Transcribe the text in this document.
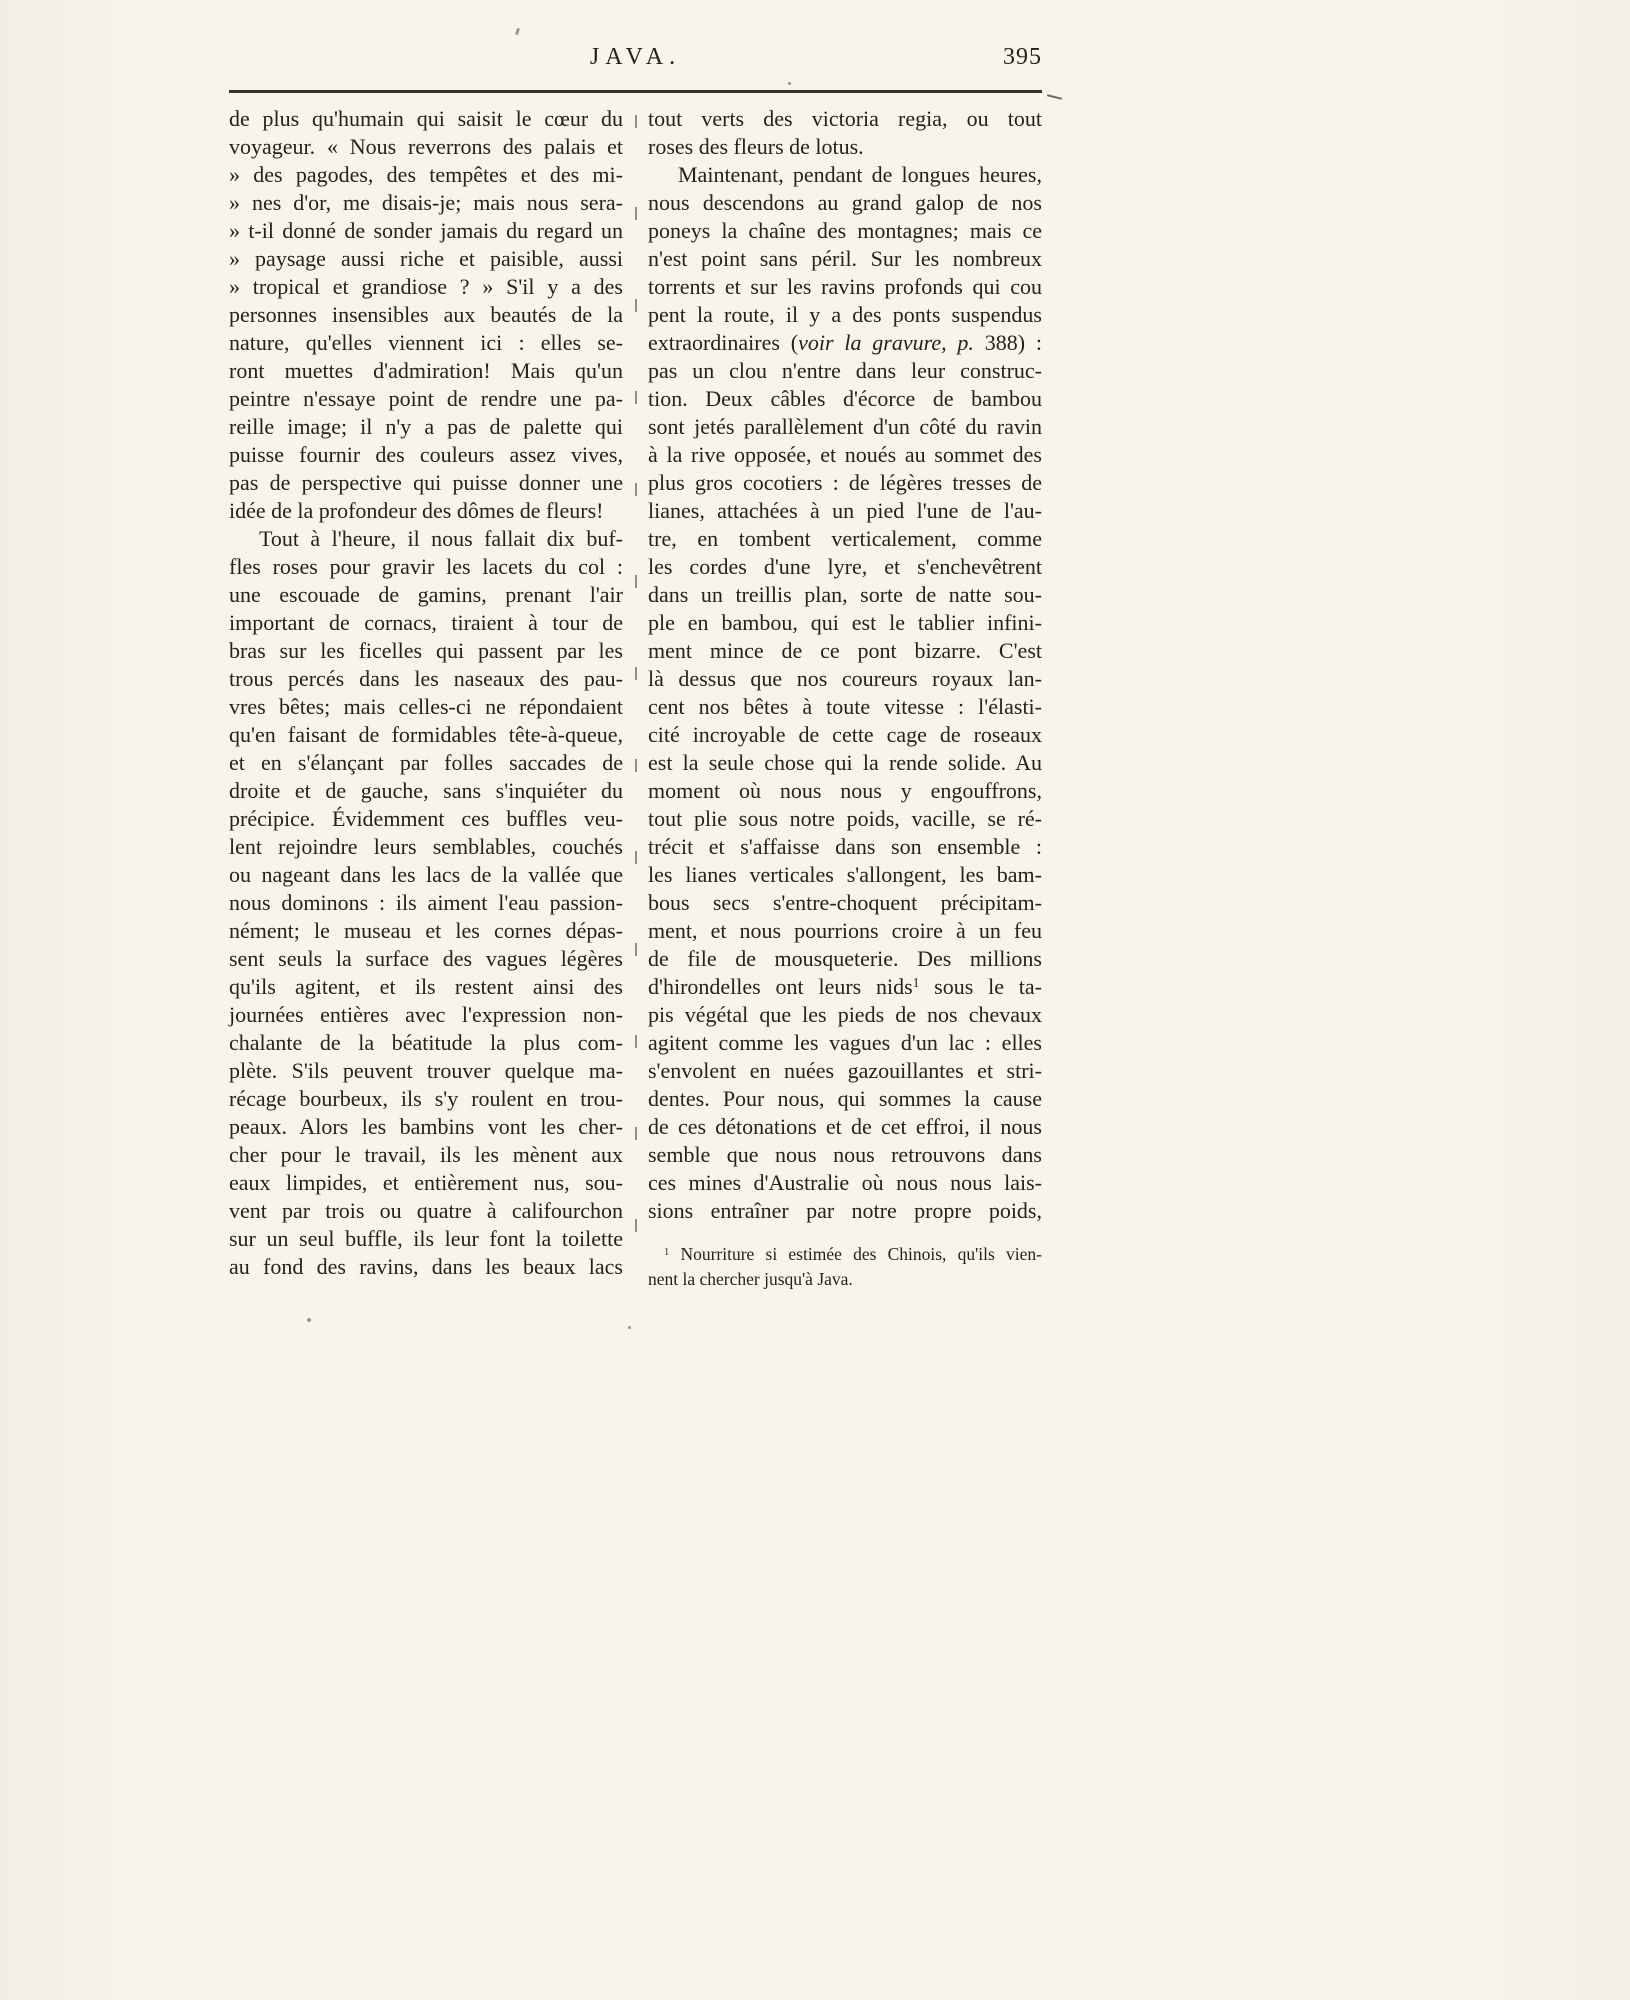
JAVA.	395
de plus qu'humain qui saisit le cœur du
voyageur. « Nous reverrons des palais et
» des pagodes, des tempêtes et des mi-
» nes d'or, me disais-je; mais nous sera-
» t-il donné de sonder jamais du regard un
» paysage aussi riche et paisible, aussi
» tropical et grandiose ? » S'il y a des
personnes insensibles aux beautés de la
nature, qu'elles viennent ici : elles se-
ront muettes d'admiration! Mais qu'un
peintre n'essaye point de rendre une pa-
reille image; il n'y a pas de palette qui
puisse fournir des couleurs assez vives,
pas de perspective qui puisse donner une
idée de la profondeur des dômes de fleurs!
Tout à l'heure, il nous fallait dix buf-
fles roses pour gravir les lacets du col :
une escouade de gamins, prenant l'air
important de cornacs, tiraient à tour de
bras sur les ficelles qui passent par les
trous percés dans les naseaux des pau-
vres bêtes; mais celles-ci ne répondaient
qu'en faisant de formidables tête-à-queue,
et en s'élançant par folles saccades de
droite et de gauche, sans s'inquiéter du
précipice. Évidemment ces buffles veu-
lent rejoindre leurs semblables, couchés
ou nageant dans les lacs de la vallée que
nous dominons : ils aiment l'eau passion-
nément; le museau et les cornes dépas-
sent seuls la surface des vagues légères
qu'ils agitent, et ils restent ainsi des
journées entières avec l'expression non-
chalante de la béatitude la plus com-
plète. S'ils peuvent trouver quelque ma-
récage bourbeux, ils s'y roulent en trou-
peaux. Alors les bambins vont les cher-
cher pour le travail, ils les mènent aux
eaux limpides, et entièrement nus, sou-
vent par trois ou quatre à califourchon
sur un seul buffle, ils leur font la toilette
au fond des ravins, dans les beaux lacs
tout verts des victoria regia, ou tout
roses des fleurs de lotus.
Maintenant, pendant de longues heures,
nous descendons au grand galop de nos
poneys la chaîne des montagnes; mais ce
n'est point sans péril. Sur les nombreux
torrents et sur les ravins profonds qui cou
pent la route, il y a des ponts suspendus
extraordinaires (voir la gravure, p. 388) :
pas un clou n'entre dans leur construc-
tion. Deux câbles d'écorce de bambou
sont jetés parallèlement d'un côté du ravin
à la rive opposée, et noués au sommet des
plus gros cocotiers : de légères tresses de
lianes, attachées à un pied l'une de l'au-
tre, en tombent verticalement, comme
les cordes d'une lyre, et s'enchevêtrent
dans un treillis plan, sorte de natte sou-
ple en bambou, qui est le tablier infini-
ment mince de ce pont bizarre. C'est
là dessus que nos coureurs royaux lan-
cent nos bêtes à toute vitesse : l'élasti-
cité incroyable de cette cage de roseaux
est la seule chose qui la rende solide. Au
moment où nous nous y engouffrons,
tout plie sous notre poids, vacille, se ré-
trécit et s'affaisse dans son ensemble :
les lianes verticales s'allongent, les bam-
bous secs s'entre-choquent précipitam-
ment, et nous pourrions croire à un feu
de file de mousqueterie. Des millions
d'hirondelles ont leurs nids$^1$ sous le ta-
pis végétal que les pieds de nos chevaux
agitent comme les vagues d'un lac : elles
s'envolent en nuées gazouillantes et stri-
dentes. Pour nous, qui sommes la cause
de ces détonations et de cet effroi, il nous
semble que nous nous retrouvons dans
ces mines d'Australie où nous nous lais-
sions entraîner par notre propre poids,
$^1$ Nourriture si estimée des Chinois, qu'ils vien-
nent la chercher jusqu'à Java.
